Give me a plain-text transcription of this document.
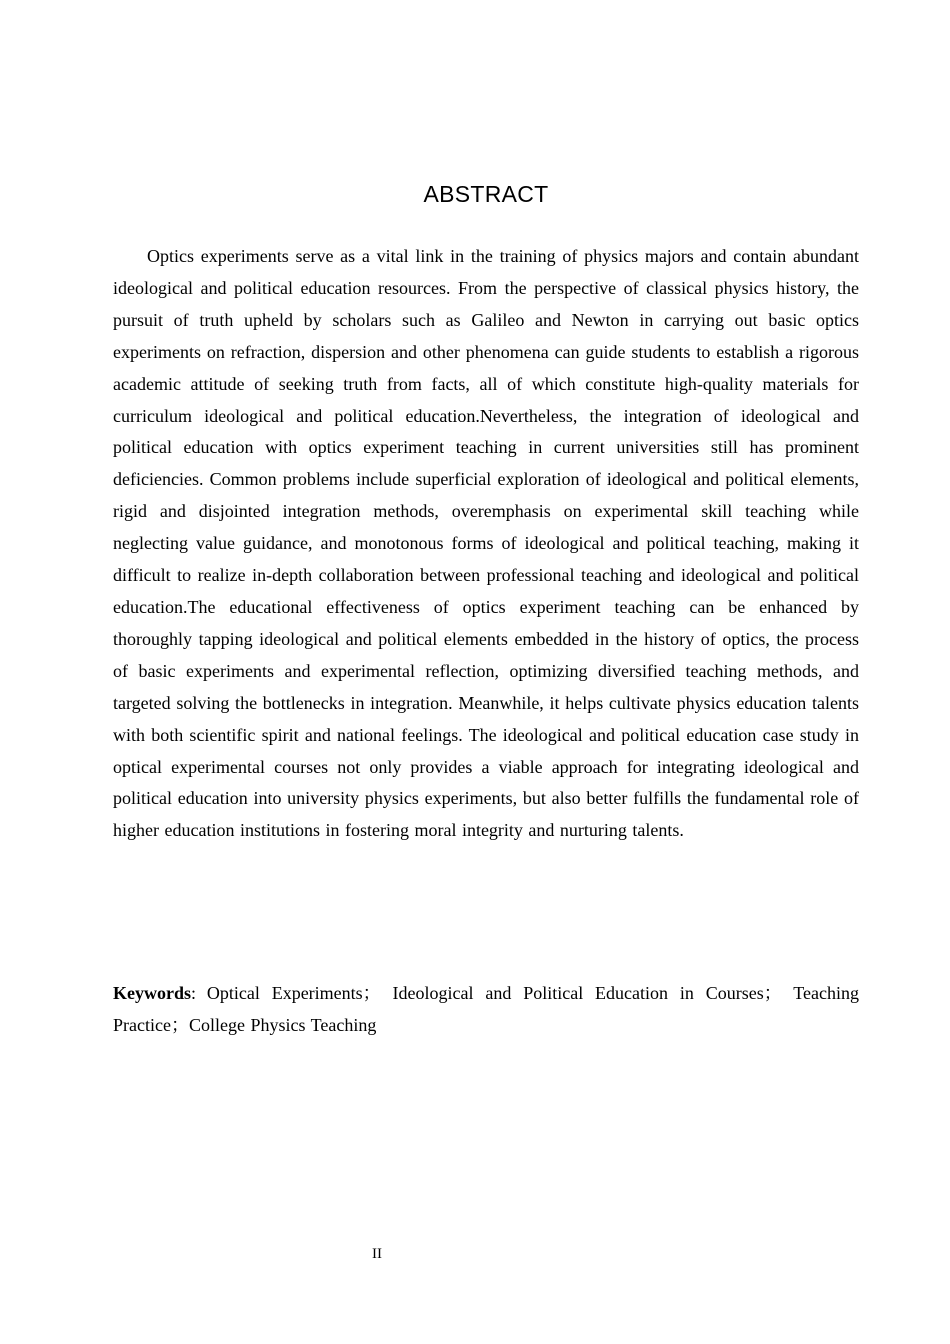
ABSTRACT

Optics experiments serve as a vital link in the training of physics majors and contain abundant ideological and political education resources. From the perspective of classical physics history, the pursuit of truth upheld by scholars such as Galileo and Newton in carrying out basic optics experiments on refraction, dispersion and other phenomena can guide students to establish a rigorous academic attitude of seeking truth from facts, all of which constitute high-quality materials for curriculum ideological and political education.Nevertheless, the integration of ideological and political education with optics experiment teaching in current universities still has prominent deficiencies. Common problems include superficial exploration of ideological and political elements, rigid and disjointed integration methods, overemphasis on experimental skill teaching while neglecting value guidance, and monotonous forms of ideological and political teaching, making it difficult to realize in-depth collaboration between professional teaching and ideological and political education.The educational effectiveness of optics experiment teaching can be enhanced by thoroughly tapping ideological and political elements embedded in the history of optics, the process of basic experiments and experimental reflection, optimizing diversified teaching methods, and targeted solving the bottlenecks in integration. Meanwhile, it helps cultivate physics education talents with both scientific spirit and national feelings. The ideological and political education case study in optical experimental courses not only provides a viable approach for integrating ideological and political education into university physics experiments, but also better fulfills the fundamental role of higher education institutions in fostering moral integrity and nurturing talents.

Keywords: Optical Experiments； Ideological and Political Education in Courses； Teaching Practice；College Physics Teaching

II
